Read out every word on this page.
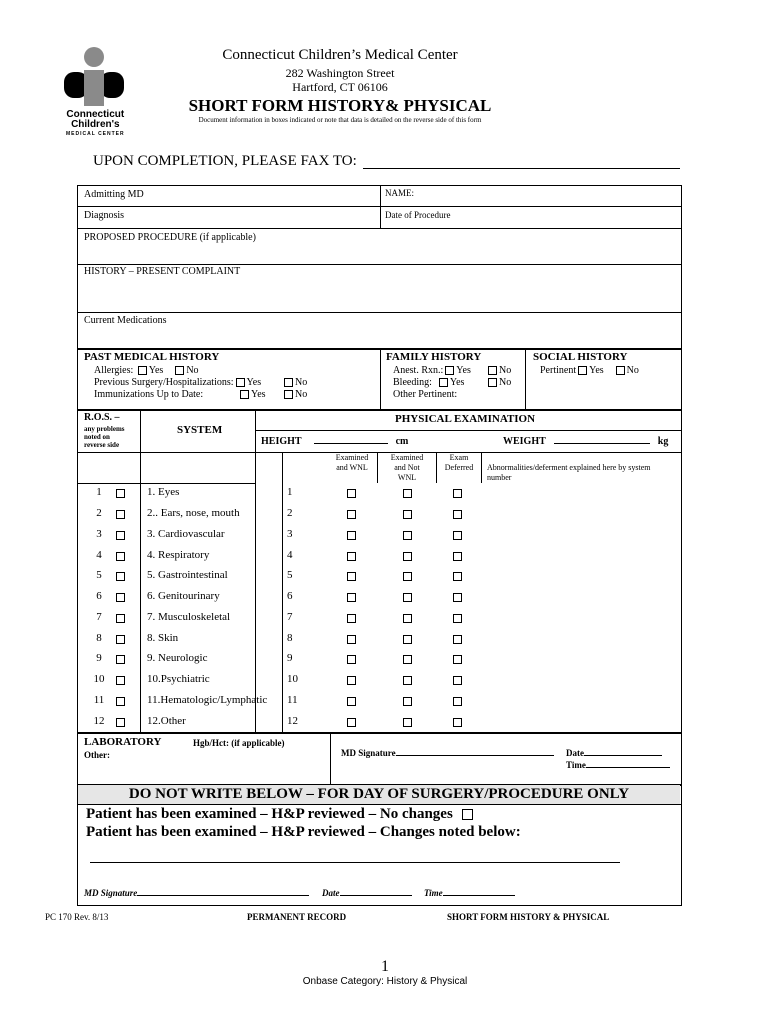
Connecticut
Children's
MEDICAL CENTER
Connecticut Children’s Medical Center
282 Washington Street
Hartford, CT 06106
SHORT FORM HISTORY& PHYSICAL
Document information in boxes indicated or note that data is detailed on the reverse side of this form
UPON COMPLETION, PLEASE FAX TO:
Admitting MD	NAME:
Diagnosis	Date of Procedure
PROPOSED PROCEDURE (if applicable)
HISTORY – PRESENT COMPLAINT
Current Medications
PAST MEDICAL HISTORY
Allergies: Yes No
Previous Surgery/Hospitalizations: Yes	No
Immunizations Up to Date:	Yes	No
FAMILY HISTORY
Anest. Rxn.: Yes	No
Bleeding: Yes	No
Other Pertinent:
SOCIAL HISTORY
Pertinent Yes No
R.O.S. –
any problems
noted on
reverse side
SYSTEM
PHYSICAL EXAMINATION
HEIGHT	cm	WEIGHT	kg
Examined
and WNL
Examined
and Not
WNL
Exam
Deferred	Abnormalities/deferment explained here by system
number
1	1. Eyes	1
2	2.. Ears, nose, mouth	2
3	3. Cardiovascular	3
4	4. Respiratory	4
5	5. Gastrointestinal	5
6	6. Genitourinary	6
7	7. Musculoskeletal	7
8	8. Skin	8
9	9. Neurologic	9
10	10.Psychiatric	10
11	11.Hematologic/Lymphatic 11
12	12.Other	12
LABORATORY	Hgb/Hct: (if applicable)
Other:	MD Signature	Date
Time
DO NOT WRITE BELOW – FOR DAY OF SURGERY/PROCEDURE ONLY
Patient has been examined – H&P reviewed – No changes
Patient has been examined – H&P reviewed – Changes noted below:
MD Signature	Date	Time
PC 170 Rev. 8/13	PERMANENT RECORD	SHORT FORM HISTORY & PHYSICAL
1
Onbase Category: History & Physical
